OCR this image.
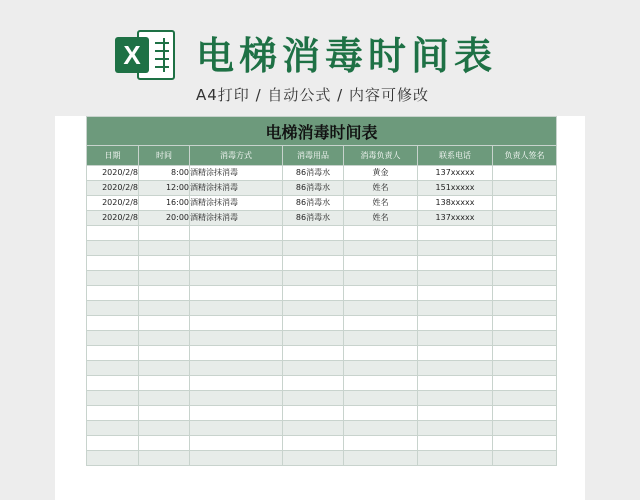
X 电梯消毒时间表
A4打印 / 自动公式 / 内容可修改
电梯消毒时间表						
日期	时间	消毒方式	消毒用品	消毒负责人	联系电话	负责人签名
2020/2/8	8:00	酒精涂抹消毒	86消毒水	黄金	137xxxxx	
2020/2/8	12:00	酒精涂抹消毒	86消毒水	姓名	151xxxxx	
2020/2/8	16:00	酒精涂抹消毒	86消毒水	姓名	138xxxxx	
2020/2/8	20:00	酒精涂抹消毒	86消毒水	姓名	137xxxxx	
